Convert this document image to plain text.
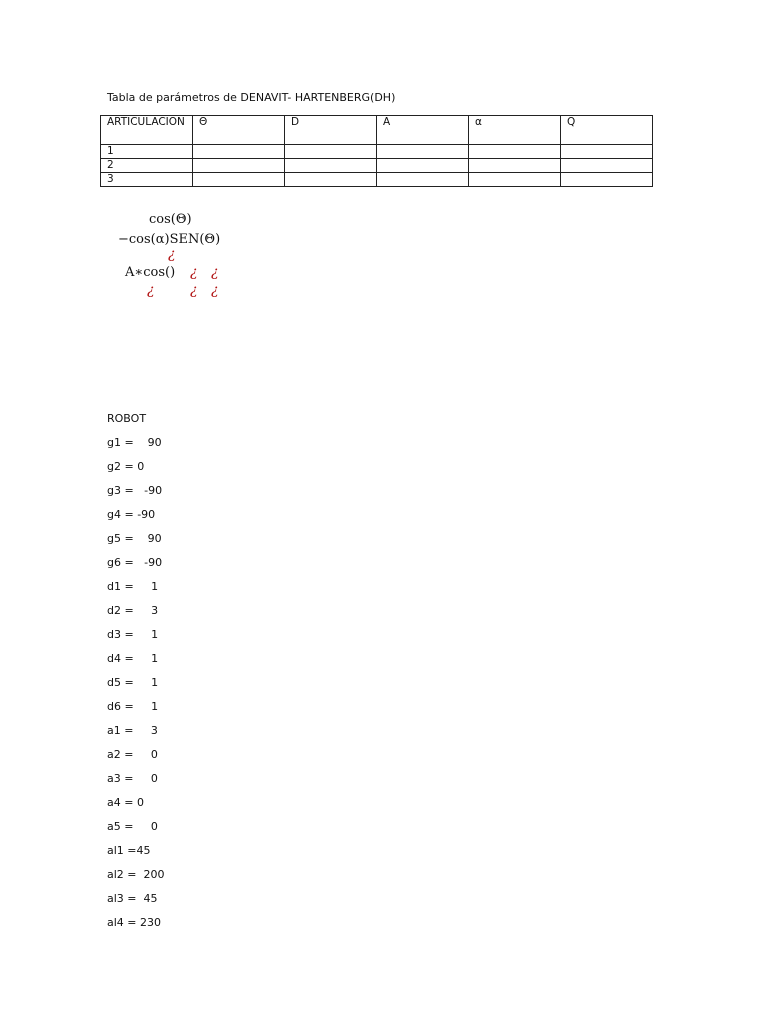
Tabla de parámetros de DENAVIT- HARTENBERG(DH)
ARTICULACION	Θ	D	A	α	Q
1					
2					
3					
cos(Θ)
−cos(α)SEN(Θ)
¿
A∗cos() ¿ ¿
¿	¿ ¿
ROBOT
g1 =    90
g2 = 0
g3 =   -90
g4 = -90
g5 =    90
g6 =   -90
d1 =     1
d2 =     3
d3 =     1
d4 =     1
d5 =     1
d6 =     1
a1 =     3
a2 =     0
a3 =     0
a4 = 0
a5 =     0
al1 =45
al2 =  200
al3 =  45
al4 = 230
